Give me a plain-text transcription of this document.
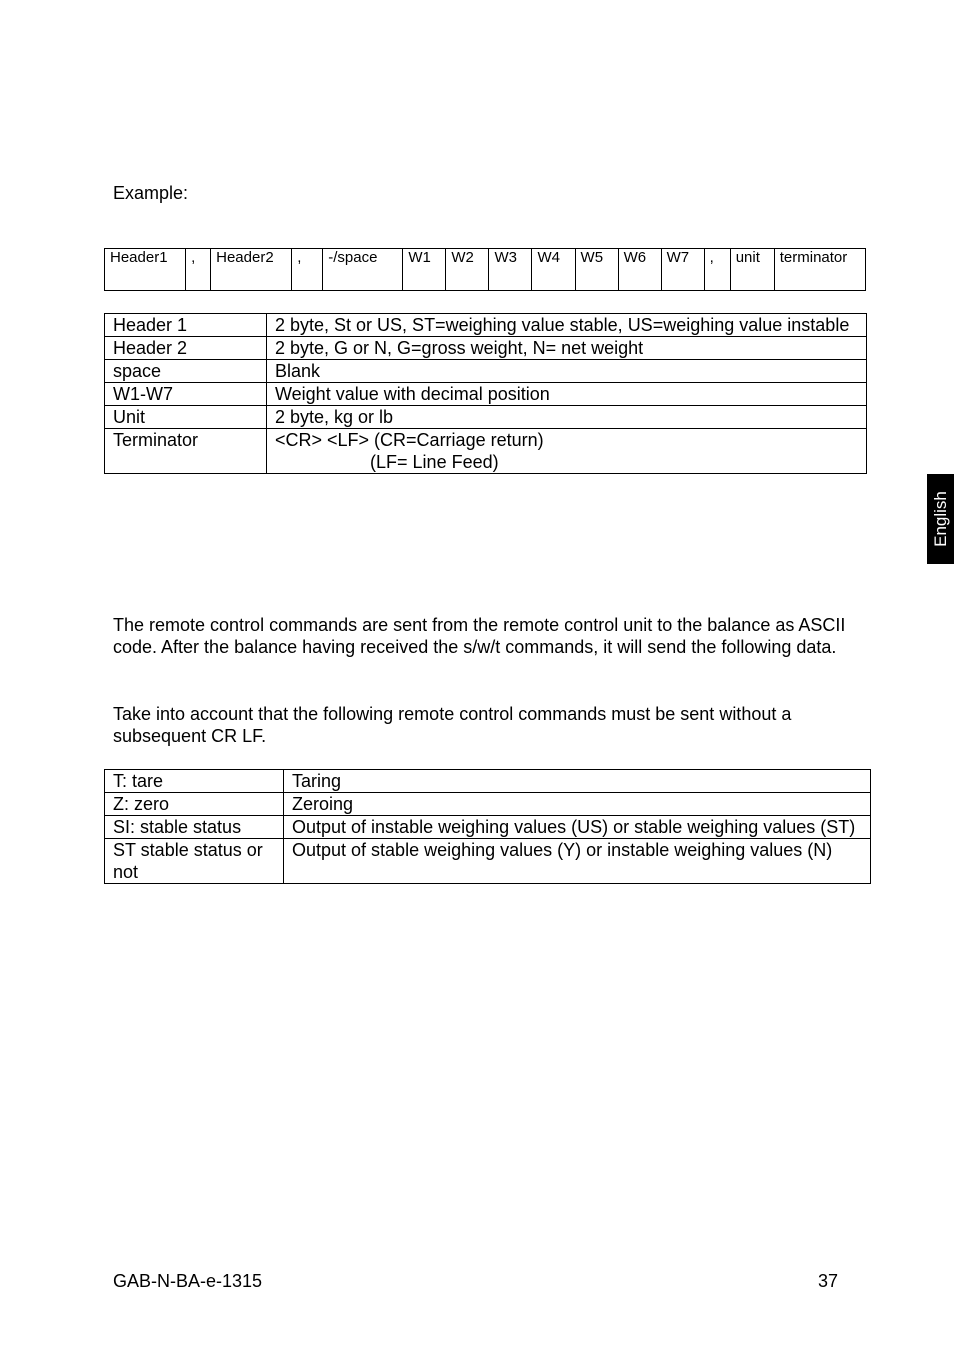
Example:
Header1	,	Header2	,	-/space	W1	W2	W3	W4	W5	W6	W7	,	unit	terminator
Header 1	2 byte, St or US, ST=weighing value stable, US=weighing value instable

Header 2	2 byte, G or N, G=gross weight, N= net weight

space	Blank

W1-W7	Weight value with decimal position

Unit	2 byte, kg or lb

Terminator	<CR> <LF> (CR=Carriage return)
(LF= Line Feed)
The remote control commands are sent from the remote control unit to the balance as ASCII code. After the balance having received the s/w/t commands, it will send the following data.
Take into account that the following remote control commands must be sent without a subsequent CR LF.
T: tare	Taring

Z: zero	Zeroing

SI: stable status	Output of instable weighing values (US) or stable weighing values (ST)

ST stable status or not	Output of stable weighing values (Y) or instable weighing values (N)
English
GAB-N-BA-e-1315	37
